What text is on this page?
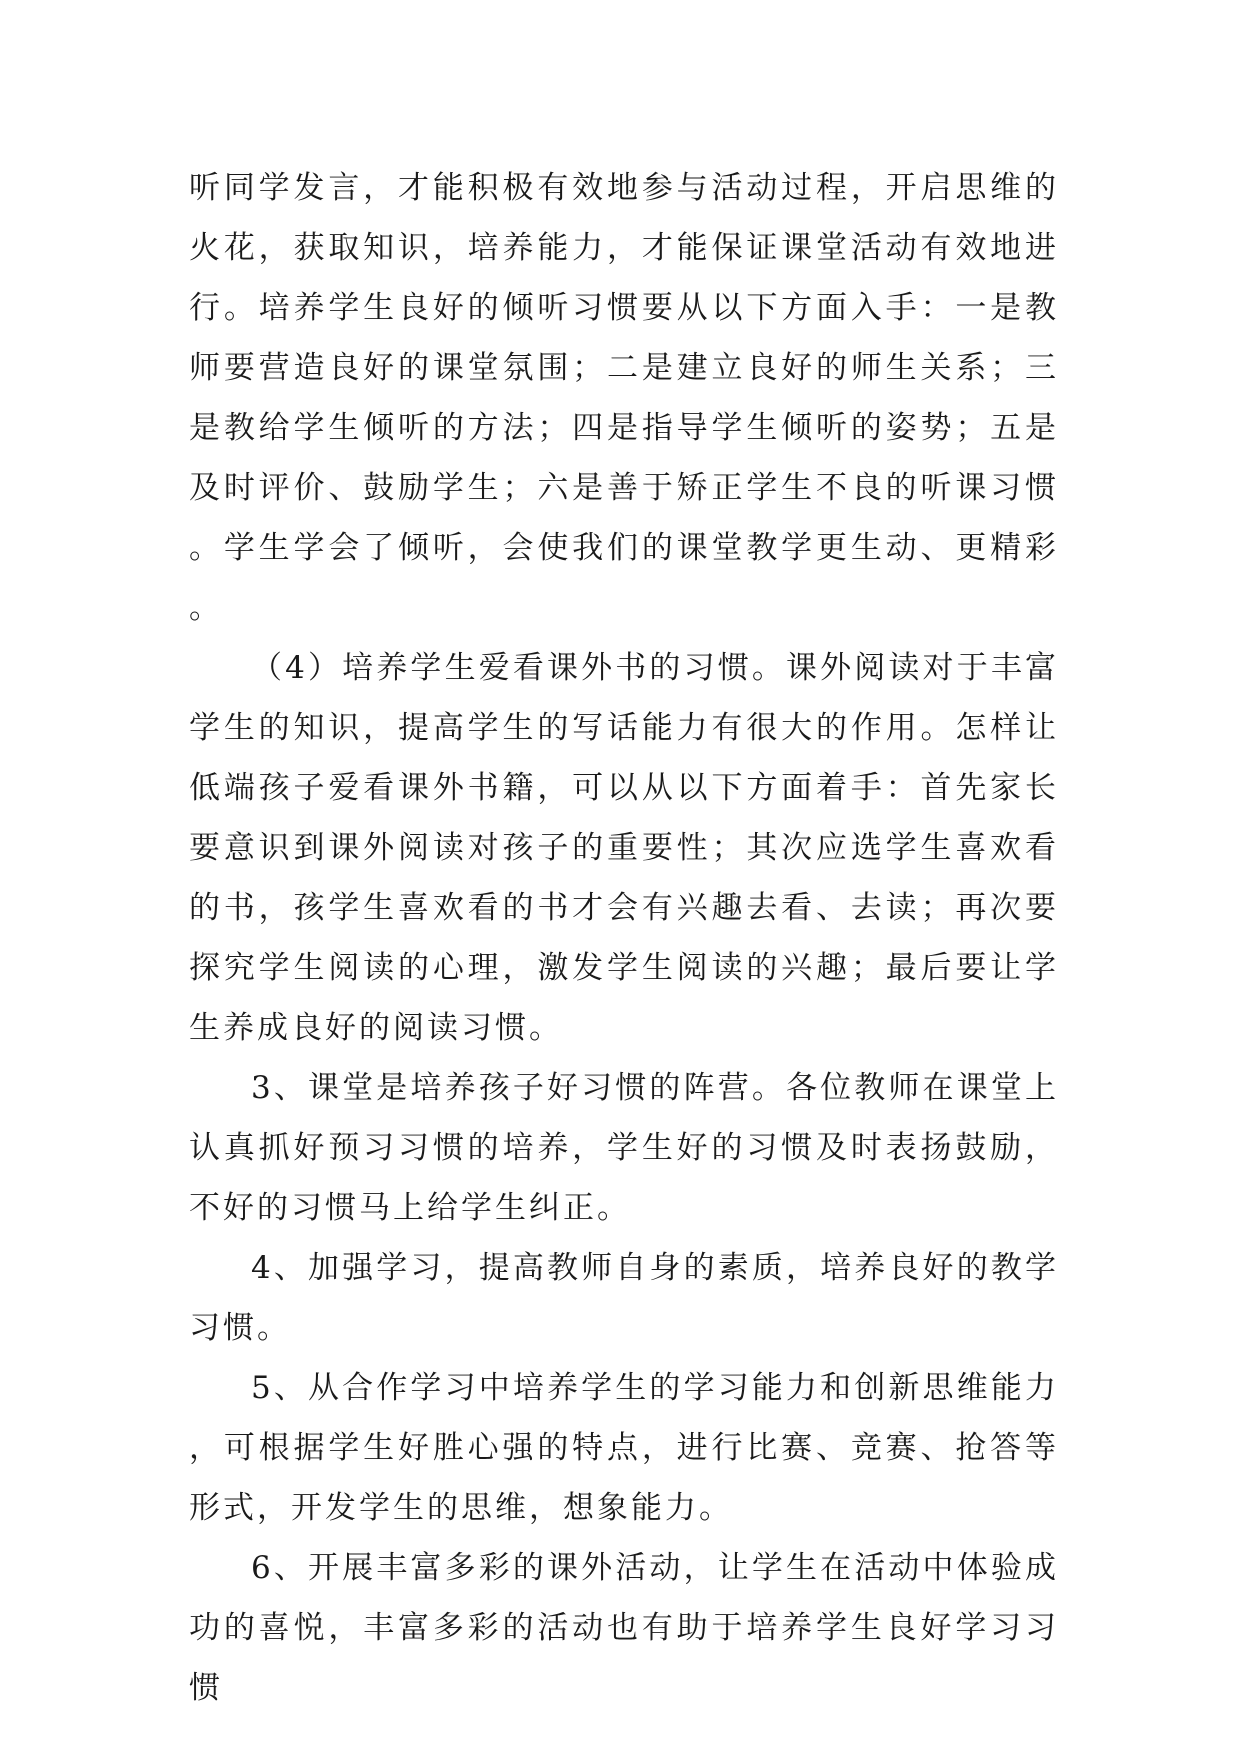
听同学发言，才能积极有效地参与活动过程，开启思维的火花，获取知识，培养能力，才能保证课堂活动有效地进行。培养学生良好的倾听习惯要从以下方面入手：一是教师要营造良好的课堂氛围；二是建立良好的师生关系；三是教给学生倾听的方法；四是指导学生倾听的姿势；五是及时评价、鼓励学生；六是善于矫正学生不良的听课习惯。学生学会了倾听，会使我们的课堂教学更生动、更精彩。

（4）培养学生爱看课外书的习惯。课外阅读对于丰富学生的知识，提高学生的写话能力有很大的作用。怎样让低端孩子爱看课外书籍，可以从以下方面着手：首先家长要意识到课外阅读对孩子的重要性；其次应选学生喜欢看的书，孩学生喜欢看的书才会有兴趣去看、去读；再次要探究学生阅读的心理，激发学生阅读的兴趣；最后要让学生养成良好的阅读习惯。

3、课堂是培养孩子好习惯的阵营。各位教师在课堂上认真抓好预习习惯的培养，学生好的习惯及时表扬鼓励，不好的习惯马上给学生纠正。

4、加强学习，提高教师自身的素质，培养良好的教学习惯。

5、从合作学习中培养学生的学习能力和创新思维能力，可根据学生好胜心强的特点，进行比赛、竞赛、抢答等形式，开发学生的思维，想象能力。

6、开展丰富多彩的课外活动，让学生在活动中体验成功的喜悦，丰富多彩的活动也有助于培养学生良好学习习惯
